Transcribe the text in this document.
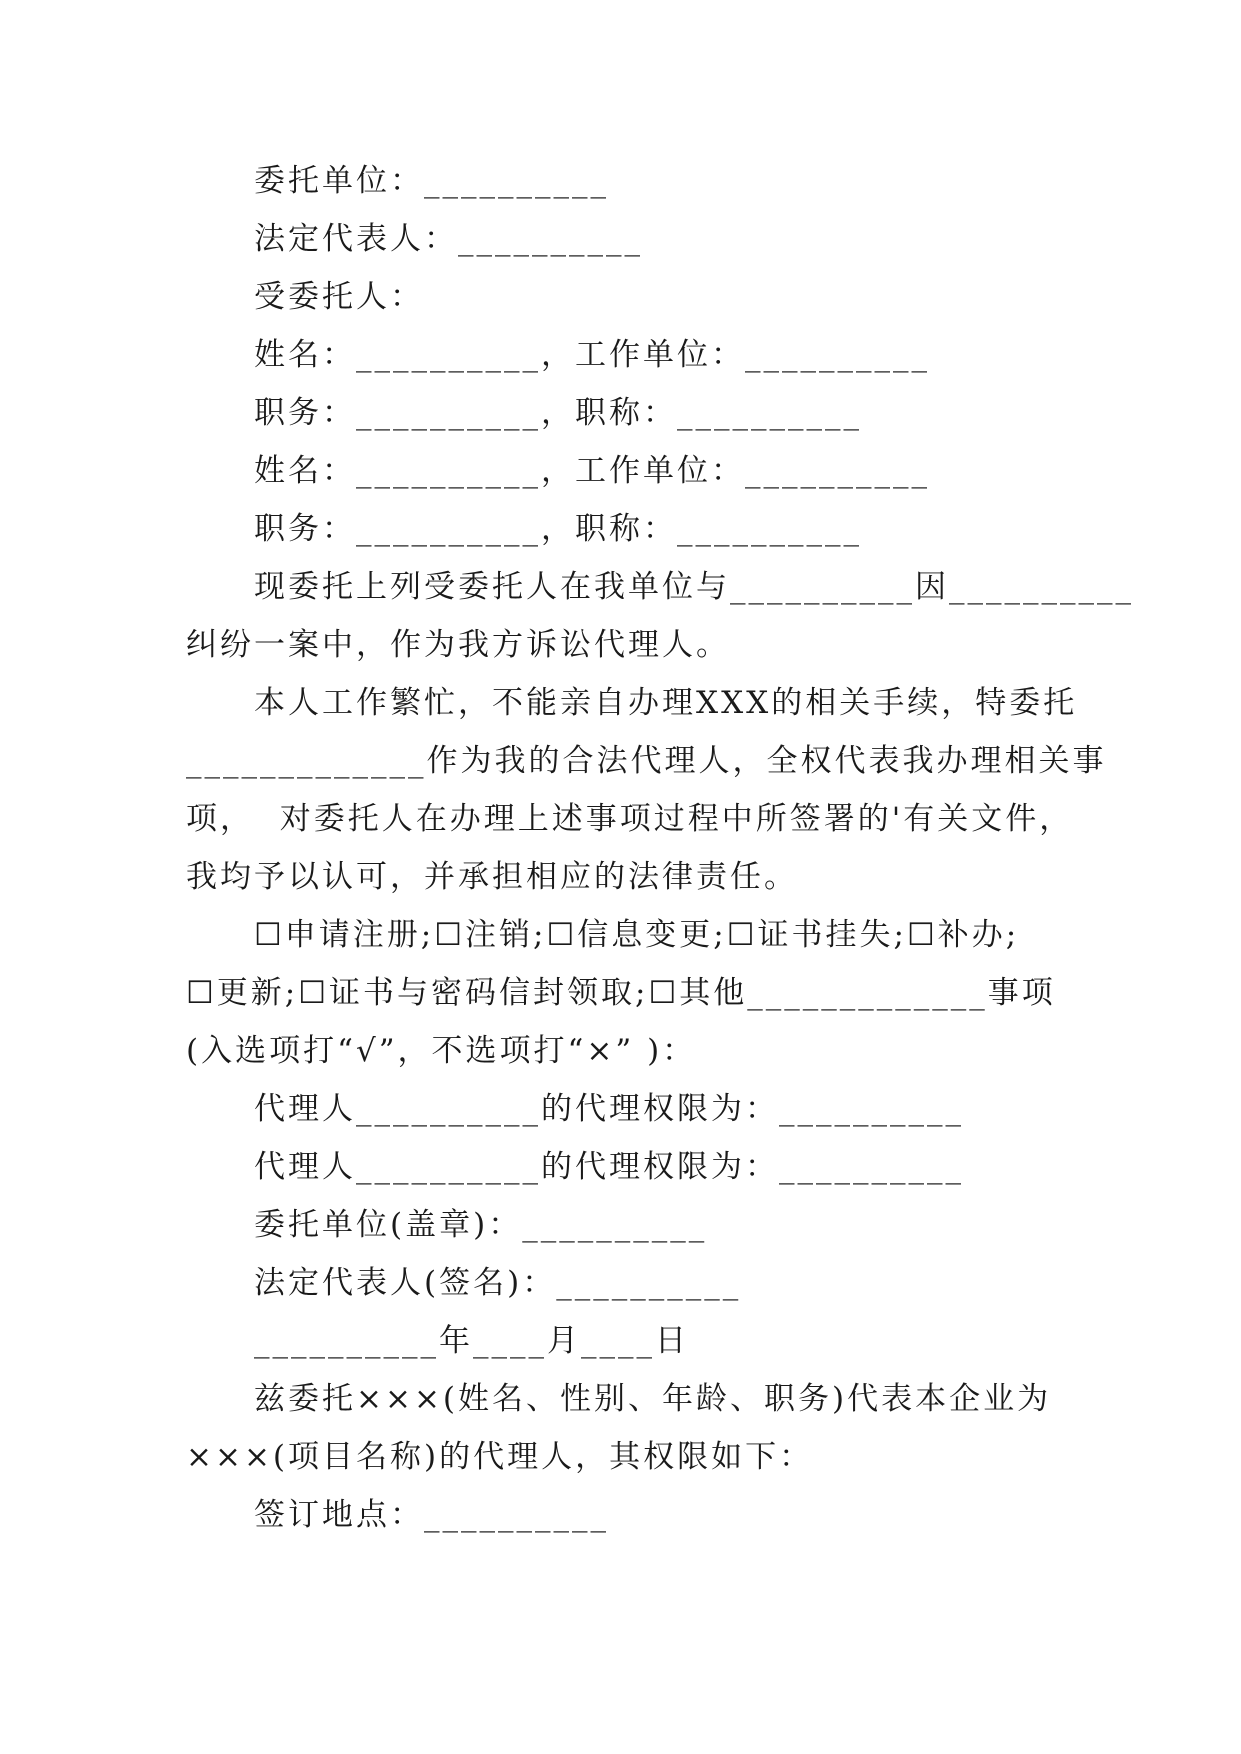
委托单位：__________
法定代表人：__________
受委托人：
姓名：__________，工作单位：__________
职务：__________，职称：__________
姓名：__________，工作单位：__________
职务：__________，职称：__________
现委托上列受委托人在我单位与__________因__________
纠纷一案中，作为我方诉讼代理人。
本人工作繁忙，不能亲自办理XXX的相关手续，特委托
_____________作为我的合法代理人，全权代表我办理相关事
项，  对委托人在办理上述事项过程中所签署的'有关文件，
我均予以认可，并承担相应的法律责任。
☐申请注册;☐注销;☐信息变更;☐证书挂失;☐补办;
☐更新;☐证书与密码信封领取;☐其他_____________事项
(入选项打“√”，不选项打“×” )：
代理人__________的代理权限为：__________
代理人__________的代理权限为：__________
委托单位(盖章)：__________
法定代表人(签名)：__________
__________年____月____日
兹委托×××(姓名、性别、年龄、职务)代表本企业为
×××(项目名称)的代理人，其权限如下：
签订地点：__________
